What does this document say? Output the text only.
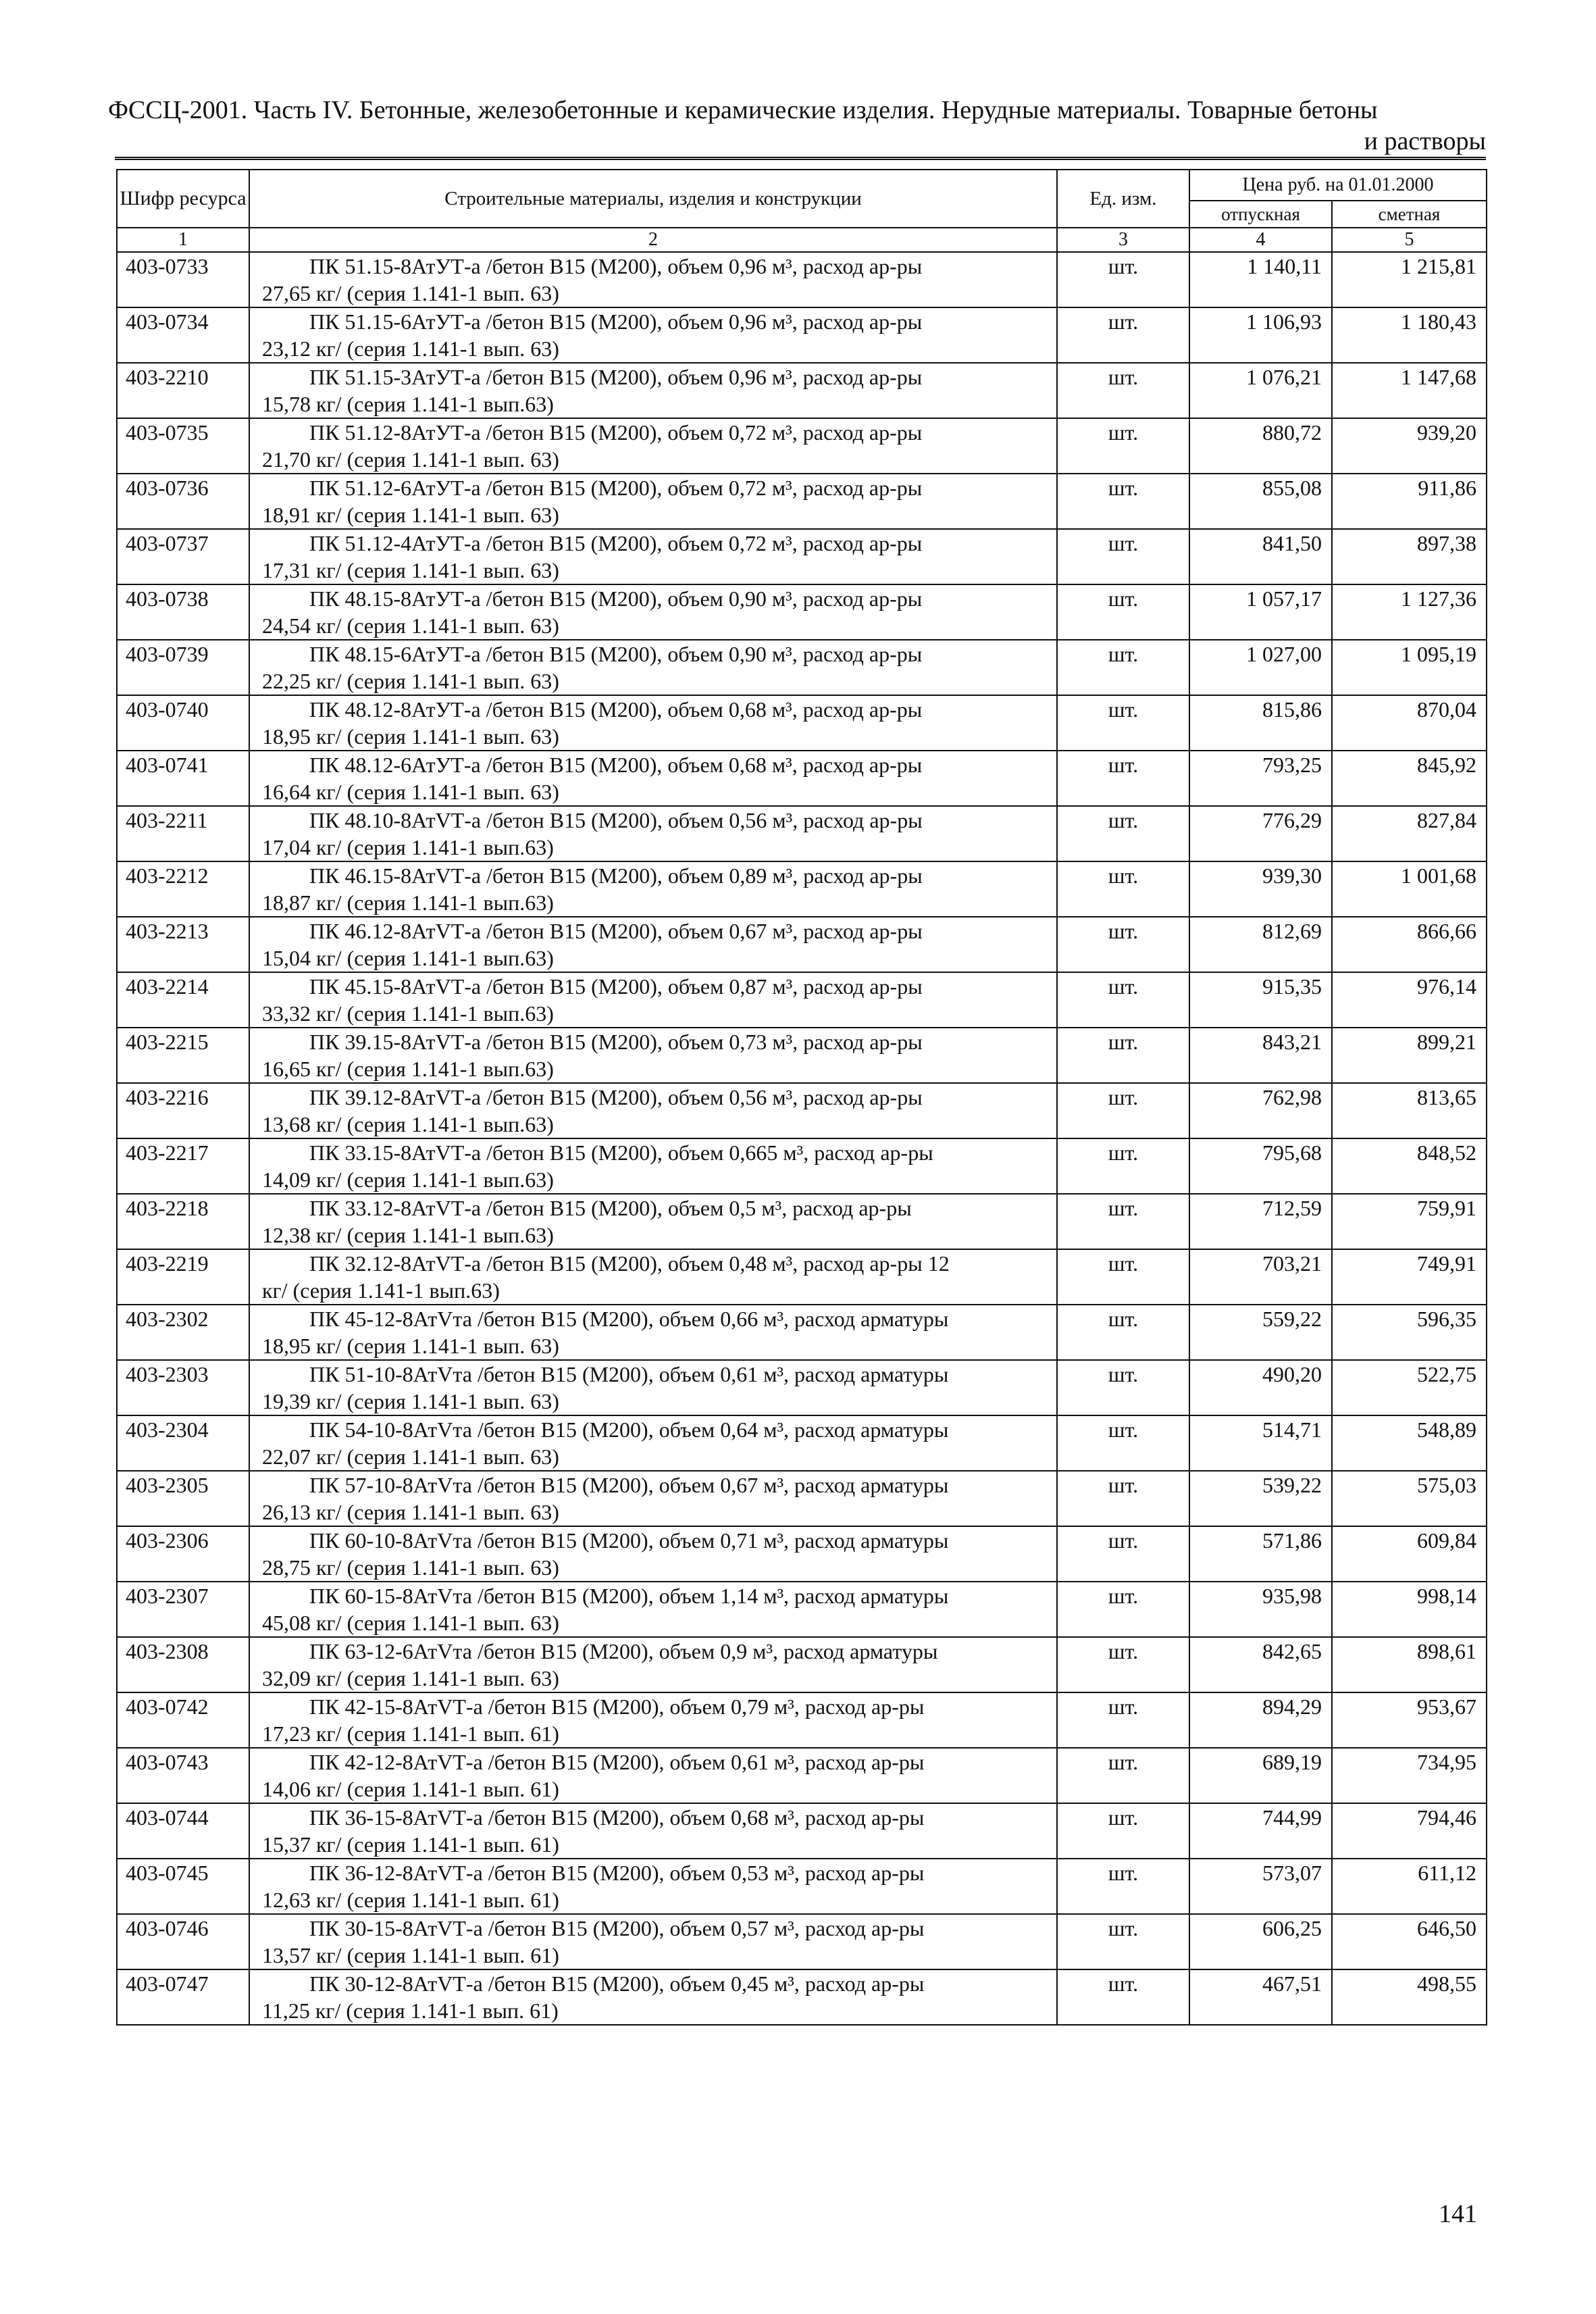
ФССЦ-2001. Часть IV. Бетонные, железобетонные и керамические изделия. Нерудные материалы. Товарные бетоны
и растворы
Шифр ресурса	Строительные материалы, изделия и конструкции	Ед. изм.	Цена руб. на 01.01.2000	
			отпускная	сметная
1	2	3	4	5
403-0733	ПК 51.15-8АтУТ-а /бетон В15 (М200), объем 0,96 м³, расход ар-ры
27,65 кг/ (серия 1.141-1 вып. 63)	шт.	1 140,11	1 215,81
403-0734	ПК 51.15-6АтУТ-а /бетон В15 (М200), объем 0,96 м³, расход ар-ры
23,12 кг/ (серия 1.141-1 вып. 63)	шт.	1 106,93	1 180,43
403-2210	ПК 51.15-3АтУТ-а /бетон В15 (М200), объем 0,96 м³, расход ар-ры
15,78 кг/ (серия 1.141-1 вып.63)	шт.	1 076,21	1 147,68
403-0735	ПК 51.12-8АтУТ-а /бетон В15 (М200), объем 0,72 м³, расход ар-ры
21,70 кг/ (серия 1.141-1 вып. 63)	шт.	880,72	939,20
403-0736	ПК 51.12-6АтУТ-а /бетон В15 (М200), объем 0,72 м³, расход ар-ры
18,91 кг/ (серия 1.141-1 вып. 63)	шт.	855,08	911,86
403-0737	ПК 51.12-4АтУТ-а /бетон В15 (М200), объем 0,72 м³, расход ар-ры
17,31 кг/ (серия 1.141-1 вып. 63)	шт.	841,50	897,38
403-0738	ПК 48.15-8АтУТ-а /бетон В15 (М200), объем 0,90 м³, расход ар-ры
24,54 кг/ (серия 1.141-1 вып. 63)	шт.	1 057,17	1 127,36
403-0739	ПК 48.15-6АтУТ-а /бетон В15 (М200), объем 0,90 м³, расход ар-ры
22,25 кг/ (серия 1.141-1 вып. 63)	шт.	1 027,00	1 095,19
403-0740	ПК 48.12-8АтУТ-а /бетон В15 (М200), объем 0,68 м³, расход ар-ры
18,95 кг/ (серия 1.141-1 вып. 63)	шт.	815,86	870,04
403-0741	ПК 48.12-6АтУТ-а /бетон В15 (М200), объем 0,68 м³, расход ар-ры
16,64 кг/ (серия 1.141-1 вып. 63)	шт.	793,25	845,92
403-2211	ПК 48.10-8АтVТ-а /бетон В15 (М200), объем 0,56 м³, расход ар-ры
17,04 кг/ (серия 1.141-1 вып.63)	шт.	776,29	827,84
403-2212	ПК 46.15-8АтVТ-а /бетон В15 (М200), объем 0,89 м³, расход ар-ры
18,87 кг/ (серия 1.141-1 вып.63)	шт.	939,30	1 001,68
403-2213	ПК 46.12-8АтVТ-а /бетон В15 (М200), объем 0,67 м³, расход ар-ры
15,04 кг/ (серия 1.141-1 вып.63)	шт.	812,69	866,66
403-2214	ПК 45.15-8АтVТ-а /бетон В15 (М200), объем 0,87 м³, расход ар-ры
33,32 кг/ (серия 1.141-1 вып.63)	шт.	915,35	976,14
403-2215	ПК 39.15-8АтVТ-а /бетон В15 (М200), объем 0,73 м³, расход ар-ры
16,65 кг/ (серия 1.141-1 вып.63)	шт.	843,21	899,21
403-2216	ПК 39.12-8АтVТ-а /бетон В15 (М200), объем 0,56 м³, расход ар-ры
13,68 кг/ (серия 1.141-1 вып.63)	шт.	762,98	813,65
403-2217	ПК 33.15-8АтVТ-а /бетон В15 (М200), объем 0,665 м³, расход ар-ры
14,09 кг/ (серия 1.141-1 вып.63)	шт.	795,68	848,52
403-2218	ПК 33.12-8АтVТ-а /бетон В15 (М200), объем 0,5 м³, расход ар-ры
12,38 кг/ (серия 1.141-1 вып.63)	шт.	712,59	759,91
403-2219	ПК 32.12-8АтVТ-а /бетон В15 (М200), объем 0,48 м³, расход ар-ры 12
кг/ (серия 1.141-1 вып.63)	шт.	703,21	749,91
403-2302	ПК 45-12-8АтVта /бетон В15 (М200), объем 0,66 м³, расход арматуры
18,95 кг/ (серия 1.141-1 вып. 63)	шт.	559,22	596,35
403-2303	ПК 51-10-8АтVта /бетон В15 (М200), объем 0,61 м³, расход арматуры
19,39 кг/ (серия 1.141-1 вып. 63)	шт.	490,20	522,75
403-2304	ПК 54-10-8АтVта /бетон В15 (М200), объем 0,64 м³, расход арматуры
22,07 кг/ (серия 1.141-1 вып. 63)	шт.	514,71	548,89
403-2305	ПК 57-10-8АтVта /бетон В15 (М200), объем 0,67 м³, расход арматуры
26,13 кг/ (серия 1.141-1 вып. 63)	шт.	539,22	575,03
403-2306	ПК 60-10-8АтVта /бетон В15 (М200), объем 0,71 м³, расход арматуры
28,75 кг/ (серия 1.141-1 вып. 63)	шт.	571,86	609,84
403-2307	ПК 60-15-8АтVта /бетон В15 (М200), объем 1,14 м³, расход арматуры
45,08 кг/ (серия 1.141-1 вып. 63)	шт.	935,98	998,14
403-2308	ПК 63-12-6АтVта /бетон В15 (М200), объем 0,9 м³, расход арматуры
32,09 кг/ (серия 1.141-1 вып. 63)	шт.	842,65	898,61
403-0742	ПК 42-15-8АтVТ-а /бетон В15 (М200), объем 0,79 м³, расход ар-ры
17,23 кг/ (серия 1.141-1 вып. 61)	шт.	894,29	953,67
403-0743	ПК 42-12-8АтVТ-а /бетон В15 (М200), объем 0,61 м³, расход ар-ры
14,06 кг/ (серия 1.141-1 вып. 61)	шт.	689,19	734,95
403-0744	ПК 36-15-8АтVТ-а /бетон В15 (М200), объем 0,68 м³, расход ар-ры
15,37 кг/ (серия 1.141-1 вып. 61)	шт.	744,99	794,46
403-0745	ПК 36-12-8АтVТ-а /бетон В15 (М200), объем 0,53 м³, расход ар-ры
12,63 кг/ (серия 1.141-1 вып. 61)	шт.	573,07	611,12
403-0746	ПК 30-15-8АтVТ-а /бетон В15 (М200), объем 0,57 м³, расход ар-ры
13,57 кг/ (серия 1.141-1 вып. 61)	шт.	606,25	646,50
403-0747	ПК 30-12-8АтVТ-а /бетон В15 (М200), объем 0,45 м³, расход ар-ры
11,25 кг/ (серия 1.141-1 вып. 61)	шт.	467,51	498,55
141
